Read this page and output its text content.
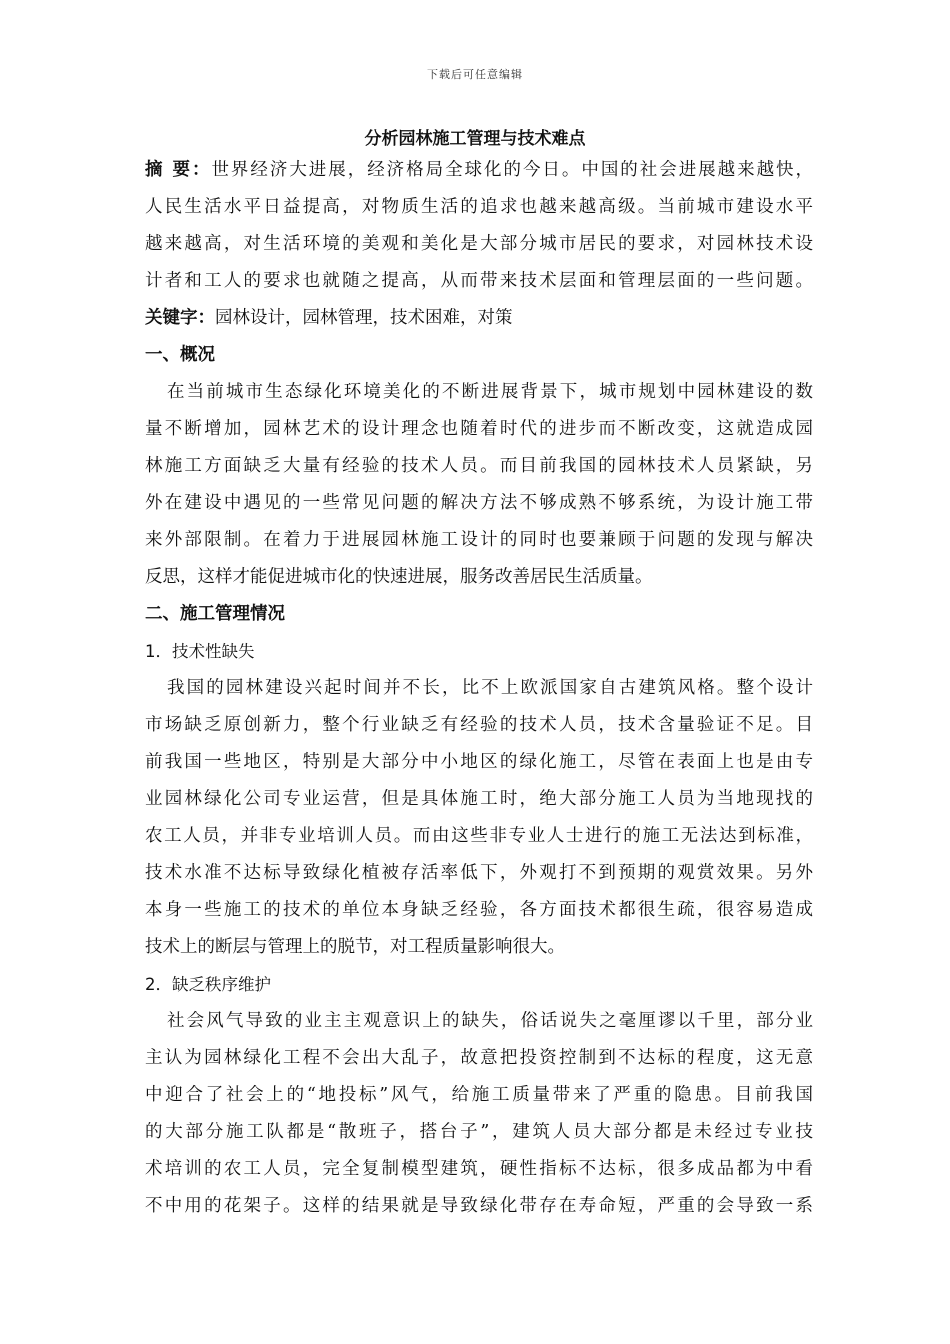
下载后可任意编辑
分析园林施工管理与技术难点
摘 要：世界经济大进展，经济格局全球化的今日。中国的社会进展越来越快，
人民生活水平日益提高，对物质生活的追求也越来越高级。当前城市建设水平
越来越高，对生活环境的美观和美化是大部分城市居民的要求，对园林技术设
计者和工人的要求也就随之提高，从而带来技术层面和管理层面的一些问题。
关键字：园林设计，园林管理，技术困难，对策
一、概况
在当前城市生态绿化环境美化的不断进展背景下，城市规划中园林建设的数
量不断增加，园林艺术的设计理念也随着时代的进步而不断改变，这就造成园
林施工方面缺乏大量有经验的技术人员。而目前我国的园林技术人员紧缺，另
外在建设中遇见的一些常见问题的解决方法不够成熟不够系统，为设计施工带
来外部限制。在着力于进展园林施工设计的同时也要兼顾于问题的发现与解决
反思，这样才能促进城市化的快速进展，服务改善居民生活质量。
二、施工管理情况
1．技术性缺失
我国的园林建设兴起时间并不长，比不上欧派国家自古建筑风格。整个设计
市场缺乏原创新力，整个行业缺乏有经验的技术人员，技术含量验证不足。目
前我国一些地区，特别是大部分中小地区的绿化施工，尽管在表面上也是由专
业园林绿化公司专业运营，但是具体施工时，绝大部分施工人员为当地现找的
农工人员，并非专业培训人员。而由这些非专业人士进行的施工无法达到标准，
技术水准不达标导致绿化植被存活率低下，外观打不到预期的观赏效果。另外
本身一些施工的技术的单位本身缺乏经验，各方面技术都很生疏，很容易造成
技术上的断层与管理上的脱节，对工程质量影响很大。
2．缺乏秩序维护
社会风气导致的业主主观意识上的缺失，俗话说失之毫厘谬以千里，部分业
主认为园林绿化工程不会出大乱子，故意把投资控制到不达标的程度，这无意
中迎合了社会上的“地投标”风气，给施工质量带来了严重的隐患。目前我国
的大部分施工队都是“散班子，搭台子”，建筑人员大部分都是未经过专业技
术培训的农工人员，完全复制模型建筑，硬性指标不达标，很多成品都为中看
不中用的花架子。这样的结果就是导致绿化带存在寿命短，严重的会导致一系
